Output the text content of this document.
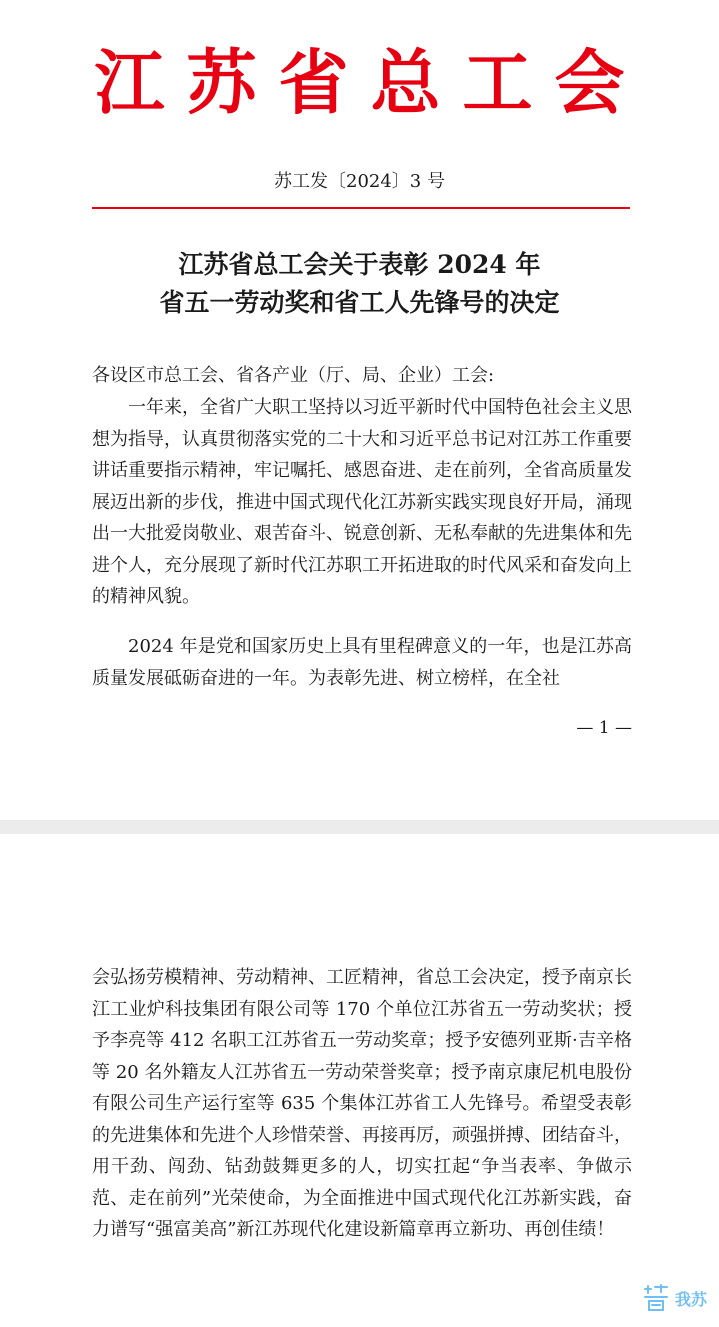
江苏省总工会
苏工发〔2024〕3 号
江苏省总工会关于表彰 2024 年
省五一劳动奖和省工人先锋号的决定

各设区市总工会、省各产业（厅、局、企业）工会:

一年来，全省广大职工坚持以习近平新时代中国特色社会主义思想为指导，认真贯彻落实党的二十大和习近平总书记对江苏工作重要讲话重要指示精神，牢记嘱托、感恩奋进、走在前列，全省高质量发展迈出新的步伐，推进中国式现代化江苏新实践实现良好开局，涌现出一大批爱岗敬业、艰苦奋斗、锐意创新、无私奉献的先进集体和先进个人，充分展现了新时代江苏职工开拓进取的时代风采和奋发向上的精神风貌。

2024 年是党和国家历史上具有里程碑意义的一年，也是江苏高质量发展砥砺奋进的一年。为表彰先进、树立榜样，在全社

— 1 —

会弘扬劳模精神、劳动精神、工匠精神，省总工会决定，授予南京长江工业炉科技集团有限公司等 170 个单位江苏省五一劳动奖状；授予李亮等 412 名职工江苏省五一劳动奖章；授予安德列亚斯·吉辛格等 20 名外籍友人江苏省五一劳动荣誉奖章；授予南京康尼机电股份有限公司生产运行室等 635 个集体江苏省工人先锋号。希望受表彰的先进集体和先进个人珍惜荣誉、再接再厉，顽强拼搏、团结奋斗，用干劲、闯劲、钻劲鼓舞更多的人，切实扛起“争当表率、争做示范、走在前列”光荣使命，为全面推进中国式现代化江苏新实践，奋力谱写“强富美高”新江苏现代化建设新篇章再立新功、再创佳绩！

我苏
